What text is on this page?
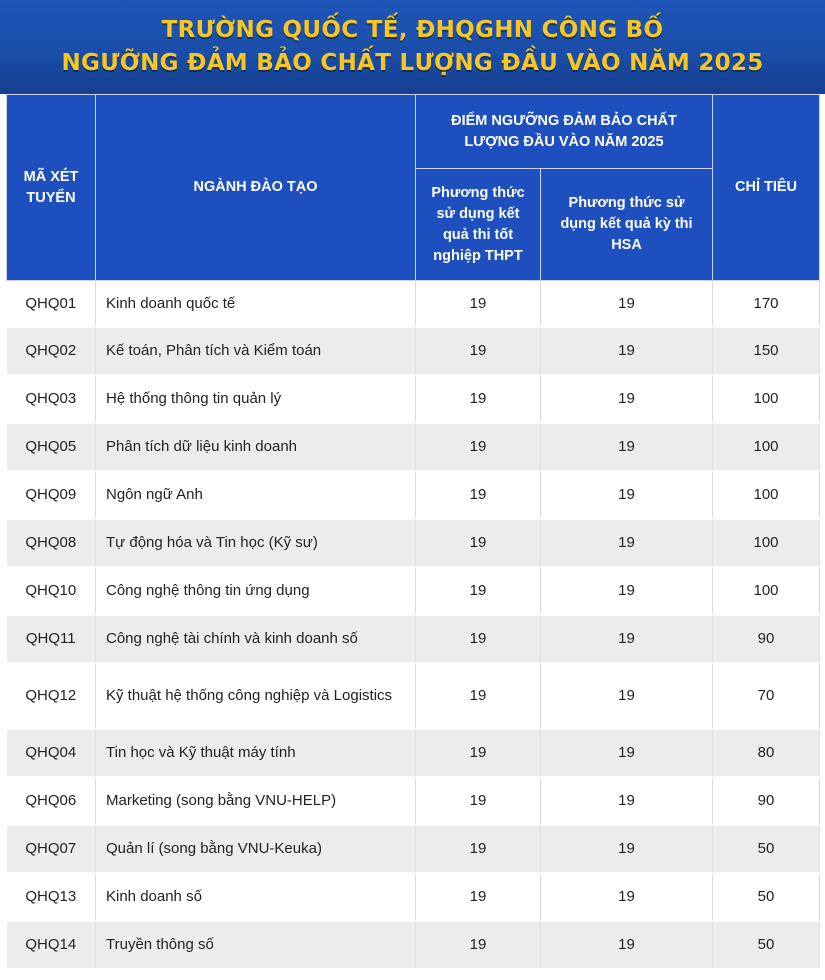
TRƯỜNG QUỐC TẾ, ĐHQGHN CÔNG BỐ
NGƯỠNG ĐẢM BẢO CHẤT LƯỢNG ĐẦU VÀO NĂM 2025
MÃ XÉT TUYỂN	NGÀNH ĐÀO TẠO	ĐIỂM NGƯỠNG ĐẢM BẢO CHẤT LƯỢNG ĐẦU VÀO NĂM 2025		CHỈ TIÊU
		Phương thức sử dụng kết quả thi tốt nghiệp THPT	Phương thức sử dụng kết quả kỳ thi HSA	
QHQ01	Kinh doanh quốc tế	19	19	170
QHQ02	Kế toán, Phân tích và Kiểm toán	19	19	150
QHQ03	Hệ thống thông tin quản lý	19	19	100
QHQ05	Phân tích dữ liệu kinh doanh	19	19	100
QHQ09	Ngôn ngữ Anh	19	19	100
QHQ08	Tự động hóa và Tin học (Kỹ sư)	19	19	100
QHQ10	Công nghệ thông tin ứng dụng	19	19	100
QHQ11	Công nghệ tài chính và kinh doanh số	19	19	90
QHQ12	Kỹ thuật hệ thống công nghiệp và Logistics	19	19	70
QHQ04	Tin học và Kỹ thuật máy tính	19	19	80
QHQ06	Marketing (song bằng VNU-HELP)	19	19	90
QHQ07	Quản lí (song bằng VNU-Keuka)	19	19	50
QHQ13	Kinh doanh số	19	19	50
QHQ14	Truyền thông số	19	19	50
